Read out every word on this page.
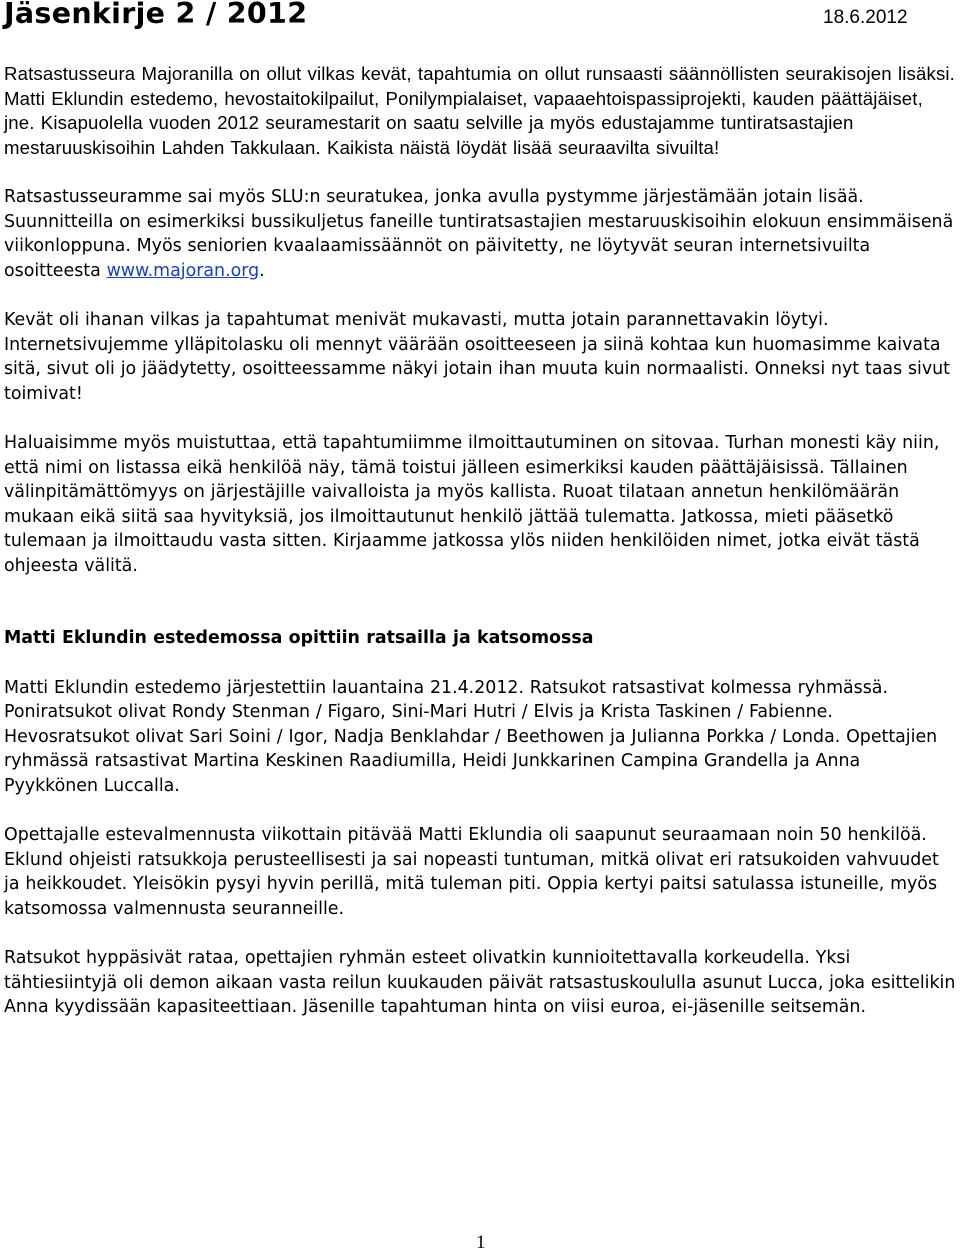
Jäsenkirje 2 / 2012	18.6.2012

Ratsastusseura Majoranilla on ollut vilkas kevät, tapahtumia on ollut runsaasti säännöllisten seurakisojen lisäksi. Matti Eklundin estedemo, hevostaitokilpailut, Ponilympialaiset, vapaaehtoispassiprojekti, kauden päättäjäiset, jne. Kisapuolella vuoden 2012 seuramestarit on saatu selville ja myös edustajamme tuntiratsastajien mestaruuskisoihin Lahden Takkulaan. Kaikista näistä löydät lisää seuraavilta sivuilta!

Ratsastusseuramme sai myös SLU:n seuratukea, jonka avulla pystymme järjestämään jotain lisää. Suunnitteilla on esimerkiksi bussikuljetus faneille tuntiratsastajien mestaruuskisoihin elokuun ensimmäisenä viikonloppuna. Myös seniorien kvaalaamissäännöt on päivitetty, ne löytyvät seuran internetsivuilta osoitteesta www.majoran.org.

Kevät oli ihanan vilkas ja tapahtumat menivät mukavasti, mutta jotain parannettavakin löytyi. Internetsivujemme ylläpitolasku oli mennyt väärään osoitteeseen ja siinä kohtaa kun huomasimme kaivata sitä, sivut oli jo jäädytetty, osoitteessamme näkyi jotain ihan muuta kuin normaalisti. Onneksi nyt taas sivut toimivat!

Haluaisimme myös muistuttaa, että tapahtumiimme ilmoittautuminen on sitovaa. Turhan monesti käy niin, että nimi on listassa eikä henkilöä näy, tämä toistui jälleen esimerkiksi kauden päättäjäisissä. Tällainen välinpitämättömyys on järjestäjille vaivalloista ja myös kallista. Ruoat tilataan annetun henkilömäärän mukaan eikä siitä saa hyvityksiä, jos ilmoittautunut henkilö jättää tulematta. Jatkossa, mieti pääsetkö tulemaan ja ilmoittaudu vasta sitten. Kirjaamme jatkossa ylös niiden henkilöiden nimet, jotka eivät tästä ohjeesta välitä.

Matti Eklundin estedemossa opittiin ratsailla ja katsomossa

Matti Eklundin estedemo järjestettiin lauantaina 21.4.2012. Ratsukot ratsastivat kolmessa ryhmässä. Poniratsukot olivat Rondy Stenman / Figaro, Sini-Mari Hutri / Elvis ja Krista Taskinen / Fabienne. Hevosratsukot olivat Sari Soini / Igor, Nadja Benklahdar / Beethowen ja Julianna Porkka / Londa. Opettajien ryhmässä ratsastivat Martina Keskinen Raadiumilla, Heidi Junkkarinen Campina Grandella ja Anna Pyykkönen Luccalla.

Opettajalle estevalmennusta viikottain pitävää Matti Eklundia oli saapunut seuraamaan noin 50 henkilöä. Eklund ohjeisti ratsukkoja perusteellisesti ja sai nopeasti tuntuman, mitkä olivat eri ratsukoiden vahvuudet ja heikkoudet. Yleisökin pysyi hyvin perillä, mitä tuleman piti. Oppia kertyi paitsi satulassa istuneille, myös katsomossa valmennusta seuranneille.

Ratsukot hyppäsivät rataa, opettajien ryhmän esteet olivatkin kunnioitettavalla korkeudella. Yksi tähtiesiintyjä oli demon aikaan vasta reilun kuukauden päivät ratsastuskoululla asunut Lucca, joka esittelikin Anna kyydissään kapasiteettiaan. Jäsenille tapahtuman hinta on viisi euroa, ei-jäsenille seitsemän.

1
